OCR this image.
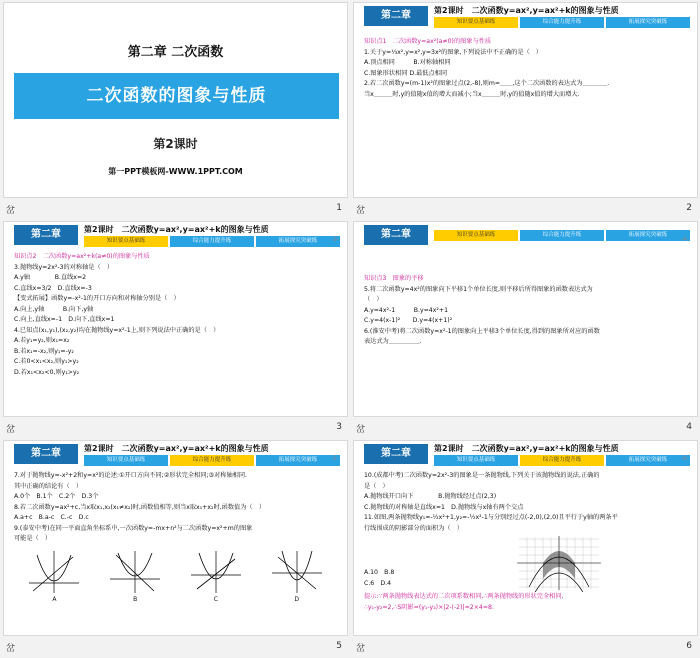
第二章 二次函数
二次函数的图象与性质
第2课时
第一PPT模板网-WWW.1PPT.COM
岔	1
第二章	第2课时　二次函数y=ax²,y=ax²+k的图象与性质
知识要点基础练	综合能力提升练	拓展探究突破练
知识点1　二次函数y=ax²(a≠0)的图象与性质
1.关于y=⅓x²,y=x²,y=3x²的图象,下列说法中不正确的是（　）
A.顶点相同　　　B.对称轴相同
C.图象形状相同 D.最低点相同
2.若二次函数y=(m-1)x²的图象过点(2,-8),则m=＿＿,这个二次函数的表达式为＿＿＿＿.
当x＿＿＿时,y的值随x值的增大而减小;当x＿＿＿时,y的值随x值的增大而增大.
岔	2
第二章	第2课时　二次函数y=ax²,y=ax²+k的图象与性质
知识要点基础练	综合能力提升练	拓展探究突破练	-3-
知识点2　二次函数y=ax²+k(a≠0)的图象与性质
3.抛物线y=2x²-3的对称轴是（　）
A.y轴　　　　B.直线x=2
C.直线x=3/2　D.直线x=-3
【变式拓展】函数y=-x²-1的开口方向和对称轴分别是（　）
A.向上,y轴　　　B.向下,y轴
C.向上,直线x=-1　D.向下,直线x=1
4.已知点(x₁,y₁),(x₂,y₂)均在抛物线y=x²-1上,则下列说法中正确的是（　）
A.若y₁=y₂,则x₁=x₂
B.若x₁=-x₂,则y₁=-y₂
C.若0<x₁<x₂,则y₁>y₂
D.若x₁<x₂<0,则y₁>y₂
岔	3
第二章	知识要点基础练	综合能力提升练	拓展探究突破练
-4-
知识点3　图象的平移
5.将二次函数y=4x²的图象向下平移1个单位长度,则平移后所得图象的函数表达式为
（　）
A.y=4x²-1　　　B.y=4x²+1
C.y=4(x-1)²　　D.y=4(x+1)²
6.(淮安中考)将二次函数y=x²-1的图象向上平移3个单位长度,得到的图象所对应的函数
表达式为＿＿＿＿＿.
岔	4
第二章	第2课时　二次函数y=ax²,y=ax²+k的图象与性质
知识要点基础练	综合能力提升练	拓展探究突破练	-5-
7.对于抛物线y=-x²+2和y=x²的论述:①开口方向不同;②形状完全相同;③对称轴相同.
其中正确的结论有（　）
A.0个　B.1个　C.2个　D.3个
8.若二次函数y=ax²+c,当x取x₁,x₂(x₁≠x₂)时,函数值相等,则当x取x₁+x₂时,函数值为（　）
A.a+c　B.a-c　C.-c　D.c
9.(泰安中考)在同一平面直角坐标系中,一次函数y=-mx+n²与二次函数y=x²+m的图象
可能是（　）
A	B	C	D
岔	5
第二章	第2课时　二次函数y=ax²,y=ax²+k的图象与性质
知识要点基础练	综合能力提升练	拓展探究突破练	-6-
10.(成都中考)二次函数y=2x²-3的图象是一条抛物线,下列关于该抛物线的说法,正确的
是（　）
A.抛物线开口向下　　　　B.抛物线经过点(2,3)
C.抛物线的对称轴是直线x=1　D.抛物线与x轴有两个交点
11.如图,两条抛物线y₁=-½x²+1,y₂=-½x²-1与分别经过点(-2,0),(2,0)且平行于y轴的两条平
行线围成的阴影部分的面积为（　）
A.10　B.8
C.6　D.4
提示:∵两条抛物线表达式的二次项系数相同,∴两条抛物线的形状完全相同,
∴y₁-y₂=2,∴S阴影=(y₁-y₂)×|2-(-2)|=2×4=8.
岔	6
